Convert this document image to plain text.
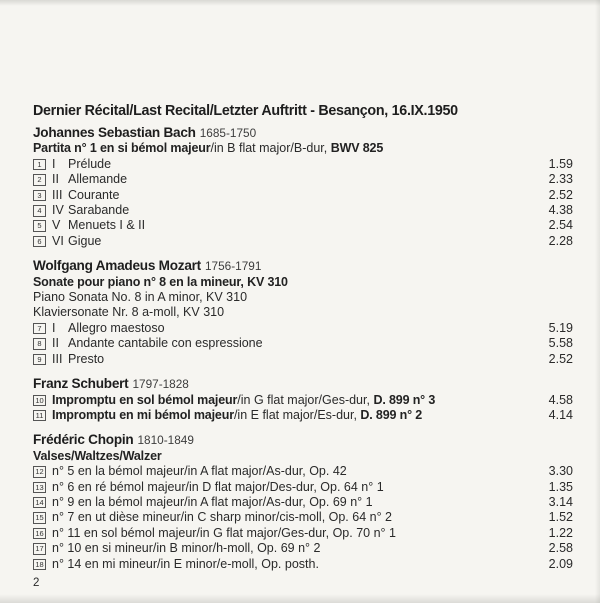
Dernier Récital/Last Recital/Letzter Auftritt - Besançon, 16.IX.1950
Johannes Sebastian Bach 1685-1750
Partita n° 1 en si bémol majeur/in B flat major/B-dur, BWV 825
1 I Prélude	1.59
2 II Allemande	2.33
3 III Courante	2.52
4 IV Sarabande	4.38
5 V Menuets I & II	2.54
6 VI Gigue	2.28
Wolfgang Amadeus Mozart 1756-1791
Sonate pour piano n° 8 en la mineur, KV 310
Piano Sonata No. 8 in A minor, KV 310
Klaviersonate Nr. 8 a-moll, KV 310
7 I Allegro maestoso	5.19
8 II Andante cantabile con espressione	5.58
9 III Presto	2.52
Franz Schubert 1797-1828
10 Impromptu en sol bémol majeur/in G flat major/Ges-dur, D. 899 n° 3	4.58
11 Impromptu en mi bémol majeur/in E flat major/Es-dur, D. 899 n° 2	4.14
Frédéric Chopin 1810-1849
Valses/Waltzes/Walzer
12 n° 5 en la bémol majeur/in A flat major/As-dur, Op. 42	3.30
13 n° 6 en ré bémol majeur/in D flat major/Des-dur, Op. 64 n° 1	1.35
14 n° 9 en la bémol majeur/in A flat major/As-dur, Op. 69 n° 1	3.14
15 n° 7 en ut dièse mineur/in C sharp minor/cis-moll, Op. 64 n° 2	1.52
16 n° 11 en sol bémol majeur/in G flat major/Ges-dur, Op. 70 n° 1	1.22
17 n° 10 en si mineur/in B minor/h-moll, Op. 69 n° 2	2.58
18 n° 14 en mi mineur/in E minor/e-moll, Op. posth.	2.09
2
